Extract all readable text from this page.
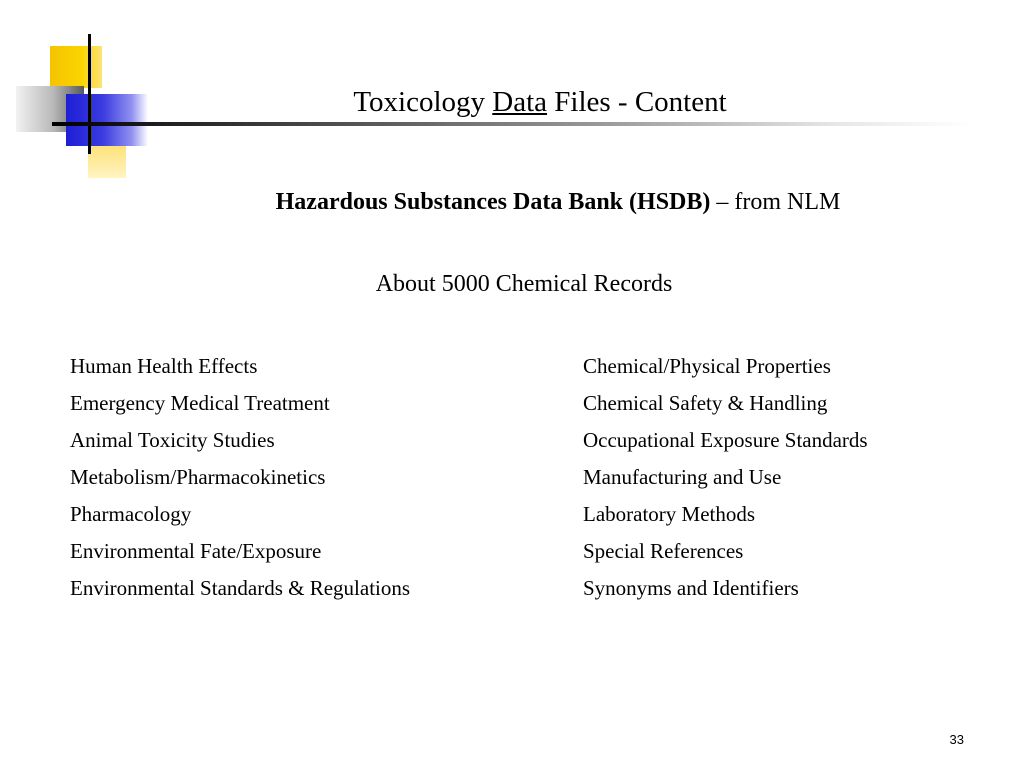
Toxicology Data Files - Content
Hazardous Substances Data Bank (HSDB) – from NLM
About 5000 Chemical Records
Human Health Effects
Emergency Medical Treatment
Animal Toxicity Studies
Metabolism/Pharmacokinetics
Pharmacology
Environmental Fate/Exposure
Environmental Standards & Regulations
Chemical/Physical Properties
Chemical Safety & Handling
Occupational Exposure Standards
Manufacturing and Use
Laboratory Methods
Special References
Synonyms and Identifiers
33
